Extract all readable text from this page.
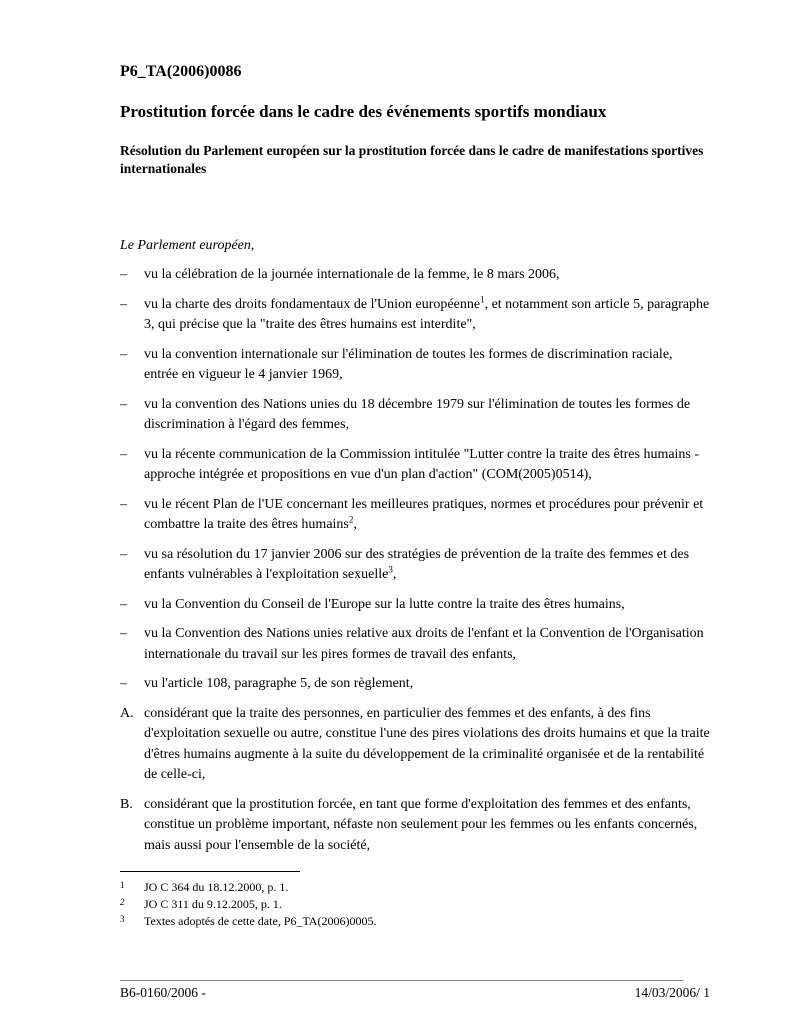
P6_TA(2006)0086

Prostitution forcée dans le cadre des événements sportifs mondiaux
Résolution du Parlement européen sur la prostitution forcée dans le cadre de manifestations sportives internationales

Le Parlement européen,

–	vu la célébration de la journée internationale de la femme, le 8 mars 2006,
–	vu la charte des droits fondamentaux de l'Union européenne$^1$, et notamment son article 5, paragraphe 3, qui précise que la "traite des êtres humains est interdite",
–	vu la convention internationale sur l'élimination de toutes les formes de discrimination raciale, entrée en vigueur le 4 janvier 1969,
–	vu la convention des Nations unies du 18 décembre 1979 sur l'élimination de toutes les formes de discrimination à l'égard des femmes,
–	vu la récente communication de la Commission intitulée "Lutter contre la traite des êtres humains - approche intégrée et propositions en vue d'un plan d'action" (COM(2005)0514),
–	vu le récent Plan de l'UE concernant les meilleures pratiques, normes et procédures pour prévenir et combattre la traite des êtres humains$^2$,
–	vu sa résolution du 17 janvier 2006 sur des stratégies de prévention de la traite des femmes et des enfants vulnérables à l'exploitation sexuelle$^3$,
–	vu la Convention du Conseil de l'Europe sur la lutte contre la traite des êtres humains,
–	vu la Convention des Nations unies relative aux droits de l'enfant et la Convention de l'Organisation internationale du travail sur les pires formes de travail des enfants,
–	vu l'article 108, paragraphe 5, de son règlement,
A. considérant que la traite des personnes, en particulier des femmes et des enfants, à des fins d'exploitation sexuelle ou autre, constitue l'une des pires violations des droits humains et que la traite d'êtres humains augmente à la suite du développement de la criminalité organisée et de la rentabilité de celle-ci,
B. considérant que la prostitution forcée, en tant que forme d'exploitation des femmes et des enfants, constitue un problème important, néfaste non seulement pour les femmes ou les enfants concernés, mais aussi pour l'ensemble de la société,
1	JO C 364 du 18.12.2000, p. 1.
2	JO C 311 du 9.12.2005, p. 1.
3	Textes adoptés de cette date, P6_TA(2006)0005.
B6-0160/2006 -	14/03/2006/ 1
